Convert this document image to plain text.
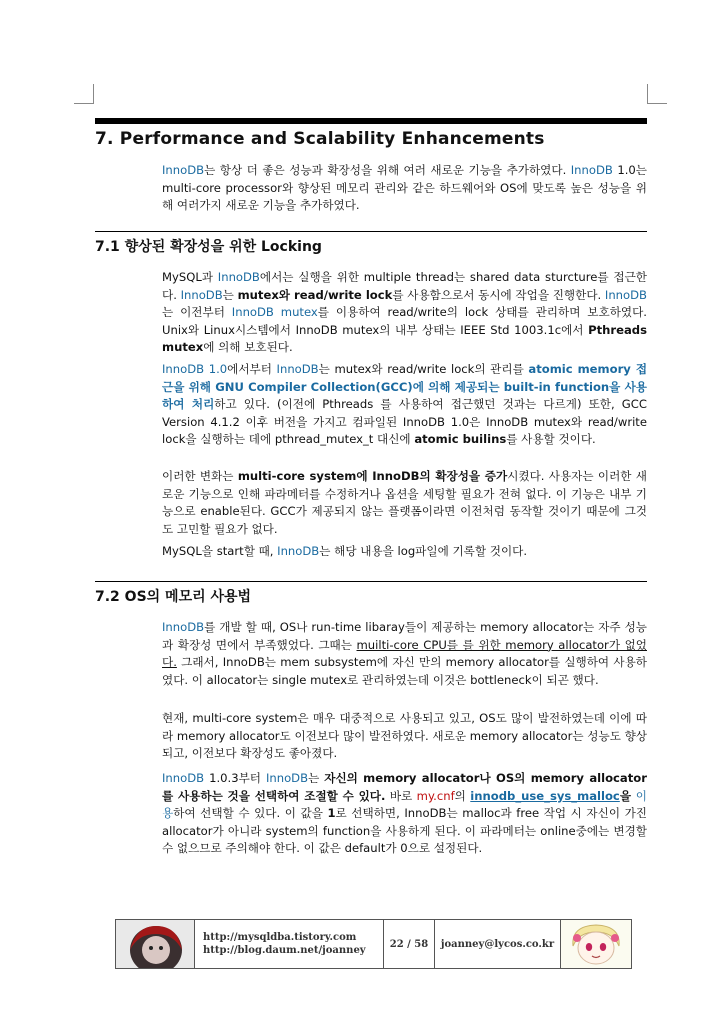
7. Performance and Scalability Enhancements

InnoDB는 항상 더 좋은 성능과 확장성을 위해 여러 새로운 기능을 추가하였다. InnoDB 1.0는 multi-core processor와 향상된 메모리 관리와 같은 하드웨어와 OS에 맞도록 높은 성능을 위해 여러가지 새로운 기능을 추가하였다.

7.1 향상된 확장성을 위한 Locking

MySQL과 InnoDB에서는 실행을 위한 multiple thread는 shared data sturcture를 접근한다. InnoDB는 mutex와 read/write lock를 사용함으로서 동시에 작업을 진행한다. InnoDB는 이전부터 InnoDB mutex를 이용하여 read/write의 lock 상태를 관리하며 보호하였다. Unix와 Linux시스템에서 InnoDB mutex의 내부 상태는 IEEE Std 1003.1c에서 Pthreads mutex에 의해 보호된다.

InnoDB 1.0에서부터 InnoDB는 mutex와 read/write lock의 관리를 atomic memory 접근을 위해 GNU Compiler Collection(GCC)에 의해 제공되는 built-in function을 사용하여 처리하고 있다. (이전에 Pthreads 를 사용하여 접근했던 것과는 다르게) 또한, GCC Version 4.1.2 이후 버전을 가지고 컴파일된 InnoDB 1.0은 InnoDB mutex와 read/write lock을 실행하는 데에 pthread_mutex_t 대신에 atomic builins를 사용할 것이다.

이러한 변화는 multi-core system에 InnoDB의 확장성을 증가시켰다. 사용자는 이러한 새로운 기능으로 인해 파라메터를 수정하거나 옵션을 세팅할 필요가 전혀 없다. 이 기능은 내부 기능으로 enable된다. GCC가 제공되지 않는 플랫폼이라면 이전처럼 동작할 것이기 때문에 그것도 고민할 필요가 없다.

MySQL을 start할 때, InnoDB는 해당 내용을 log파일에 기록할 것이다.

7.2 OS의 메모리 사용법

InnoDB를 개발 할 때, OS나 run-time libaray들이 제공하는 memory allocator는 자주 성능과 확장성 면에서 부족했었다. 그때는 muilti-core CPU를 를 위한 memory allocator가 없었다. 그래서, InnoDB는 mem subsystem에 자신 만의 memory allocator를 실행하여 사용하였다. 이 allocator는 single mutex로 관리하였는데 이것은 bottleneck이 되곤 했다.

현재, multi-core system은 매우 대중적으로 사용되고 있고, OS도 많이 발전하였는데 이에 따라 memory allocator도 이전보다 많이 발전하였다. 새로운 memory allocator는 성능도 향상되고, 이전보다 확장성도 좋아졌다.

InnoDB 1.0.3부터 InnoDB는 자신의 memory allocator나 OS의 memory allocator를 사용하는 것을 선택하여 조절할 수 있다. 바로 my.cnf의 innodb_use_sys_malloc을 이용하여 선택할 수 있다. 이 값을 1로 선택하면, InnoDB는 malloc과 free 작업 시 자신이 가진 allocator가 아니라 system의 function을 사용하게 된다. 이 파라메터는 online중에는 변경할 수 없으므로 주의해야 한다. 이 값은 default가 0으로 설정된다.

http://mysqldba.tistory.com
http://blog.daum.net/joanney
22 / 58	joanney@lycos.co.kr
